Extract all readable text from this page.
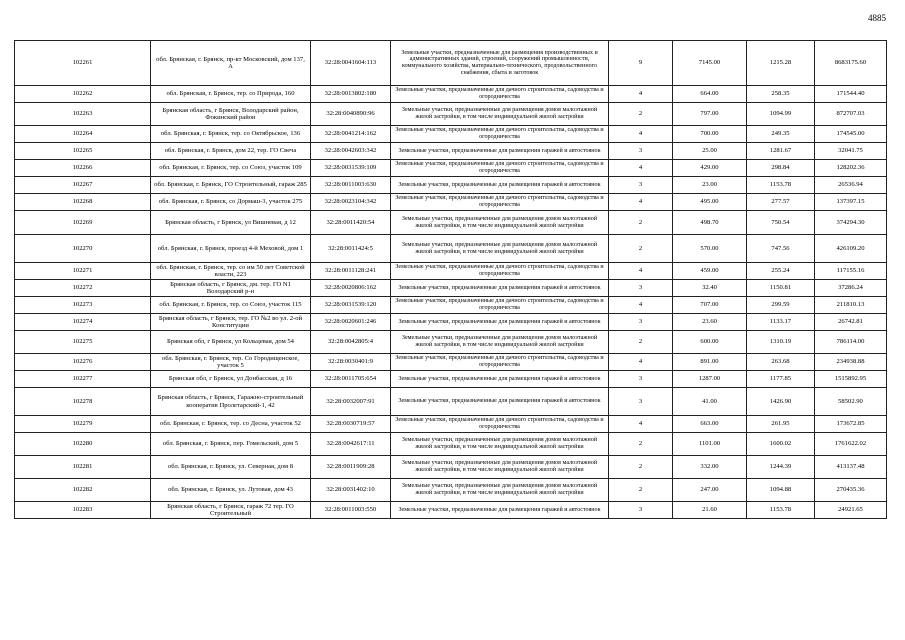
4885
102261	обл. Брянская, г. Брянск, пр-кт Московский, дом 137, А	32:28:0041604:113	Земельные участки, предназначенные для размещения производственных и административных зданий, строений, сооружений промышленности, коммунального хозяйства, материально-технического, продовольственного снабжения, сбыта и заготовок	9	7145.00	1215.28	8683175.60
102262	обл. Брянская, г. Брянск, тер. со Природа, 160	32:28:0013802:180	Земельные участки, предназначенные для дачного строительства, садоводства и огородничества	4	664.00	258.35	171544.40
102263	Брянская область, г Брянск, Володарский район, Фокинский район	32:28:0040890:96	Земельные участки, предназначенные для размещения домов малоэтажной жилой застройки, в том числе индивидуальной жилой застройки	2	797.00	1094.99	872707.03
102264	обл. Брянская, г. Брянск, тер. со Октябрьское, 136	32:28:0041214:162	Земельные участки, предназначенные для дачного строительства, садоводства и огородничества	4	700.00	249.35	174545.00
102265	обл. Брянская, г. Брянск, дом 22, тер. ГО Свеча	32:28:0042603:342	Земельные участки, предназначенные для размещения гаражей и автостоянок	3	25.00	1281.67	32041.75
102266	обл. Брянская, г. Брянск, тер. со Союз, участок 109	32:28:0031539:109	Земельные участки, предназначенные для дачного строительства, садоводства и огородничества	4	429.00	298.84	128202.36
102267	обл. Брянская, г. Брянск, ГО Строительный, гараж 285	32:28:0011003:630	Земельные участки, предназначенные для размещения гаражей и автостоянок	3	23.00	1153.78	26536.94
102268	обл. Брянская, г. Брянск, со Дормаш-3, участок 275	32:28:0023104:342	Земельные участки, предназначенные для дачного строительства, садоводства и огородничества	4	495.00	277.57	137397.15
102269	Брянская область, г Брянск, ул Вишневая, д 12	32:28:0011420:54	Земельные участки, предназначенные для размещения домов малоэтажной жилой застройки, в том числе индивидуальной жилой застройки	2	498.70	750.54	374294.30
102270	обл. Брянская, г. Брянск, проезд 4-й Меховой, дом 1	32:28:0011424:5	Земельные участки, предназначенные для размещения домов малоэтажной жилой застройки, в том числе индивидуальной жилой застройки	2	570.00	747.56	426109.20
102271	обл. Брянская, г. Брянск, тер. со им 50 лет Советской власти, 223	32:28:0011128:241	Земельные участки, предназначенные для дачного строительства, садоводства и огородничества	4	459.00	255.24	117155.16
102272	Брянская область, г Брянск, дм. тер. ГО N1 Володарский р-н	32:28:0020806:162	Земельные участки, предназначенные для размещения гаражей и автостоянок	3	32.40	1150.81	37286.24
102273	обл. Брянская, г. Брянск, тер. со Союз, участок 115	32:28:0031539:120	Земельные участки, предназначенные для дачного строительства, садоводства и огородничества	4	707.00	299.59	211810.13
102274	Брянская область, г Брянск, тер. ГО №2 во ул. 2-ой Конституции	32:28:0020601:246	Земельные участки, предназначенные для размещения гаражей и автостоянок	3	23.60	1133.17	26742.81
102275	Брянская обл, г Брянск, ул Кольцевая, дом 54	32:28:0042805:4	Земельные участки, предназначенные для размещения домов малоэтажной жилой застройки, в том числе индивидуальной жилой застройки	2	600.00	1310.19	786114.00
102276	обл. Брянская, г. Брянск, тер. Со Городищенское, участок 5	32:28:0030401:9	Земельные участки, предназначенные для дачного строительства, садоводства и огородничества	4	891.00	263.68	234938.88
102277	Брянская обл, г Брянск, ул Донбасская, д 16	32:28:0011705:654	Земельные участки, предназначенные для размещения гаражей и автостоянок	3	1287.00	1177.85	1515892.95
102278	Брянская область, г Брянск, Гаражно-строительный кооператив Пролетарский-1, 42	32:28:0032007:91	Земельные участки, предназначенные для размещения гаражей и автостоянок	3	41.00	1426.90	58502.90
102279	обл. Брянская, г. Брянск, тер. со Десна, участок 52	32:28:0030719:57	Земельные участки, предназначенные для дачного строительства, садоводства и огородничества	4	663.00	261.95	173672.85
102280	обл. Брянская, г. Брянск, пер. Гомельский, дом 5	32:28:0042617:11	Земельные участки, предназначенные для размещения домов малоэтажной жилой застройки, в том числе индивидуальной жилой застройки	2	1101.00	1600.02	1761622.02
102281	обл. Брянская, г. Брянск, ул. Северная, дом 8	32:28:0011909:28	Земельные участки, предназначенные для размещения домов малоэтажной жилой застройки, в том числе индивидуальной жилой застройки	2	332.00	1244.39	413137.48
102282	обл. Брянская, г. Брянск, ул. Лутовая, дом 43	32:28:0031402:10	Земельные участки, предназначенные для размещения домов малоэтажной жилой застройки, в том числе индивидуальной жилой застройки	2	247.00	1094.88	270435.36
102283	Брянская область, г Брянск, гараж 72 тер. ГО Строительный	32:28:0011003:550	Земельные участки, предназначенные для размещения гаражей и автостоянок	3	21.60	1153.78	24921.65
